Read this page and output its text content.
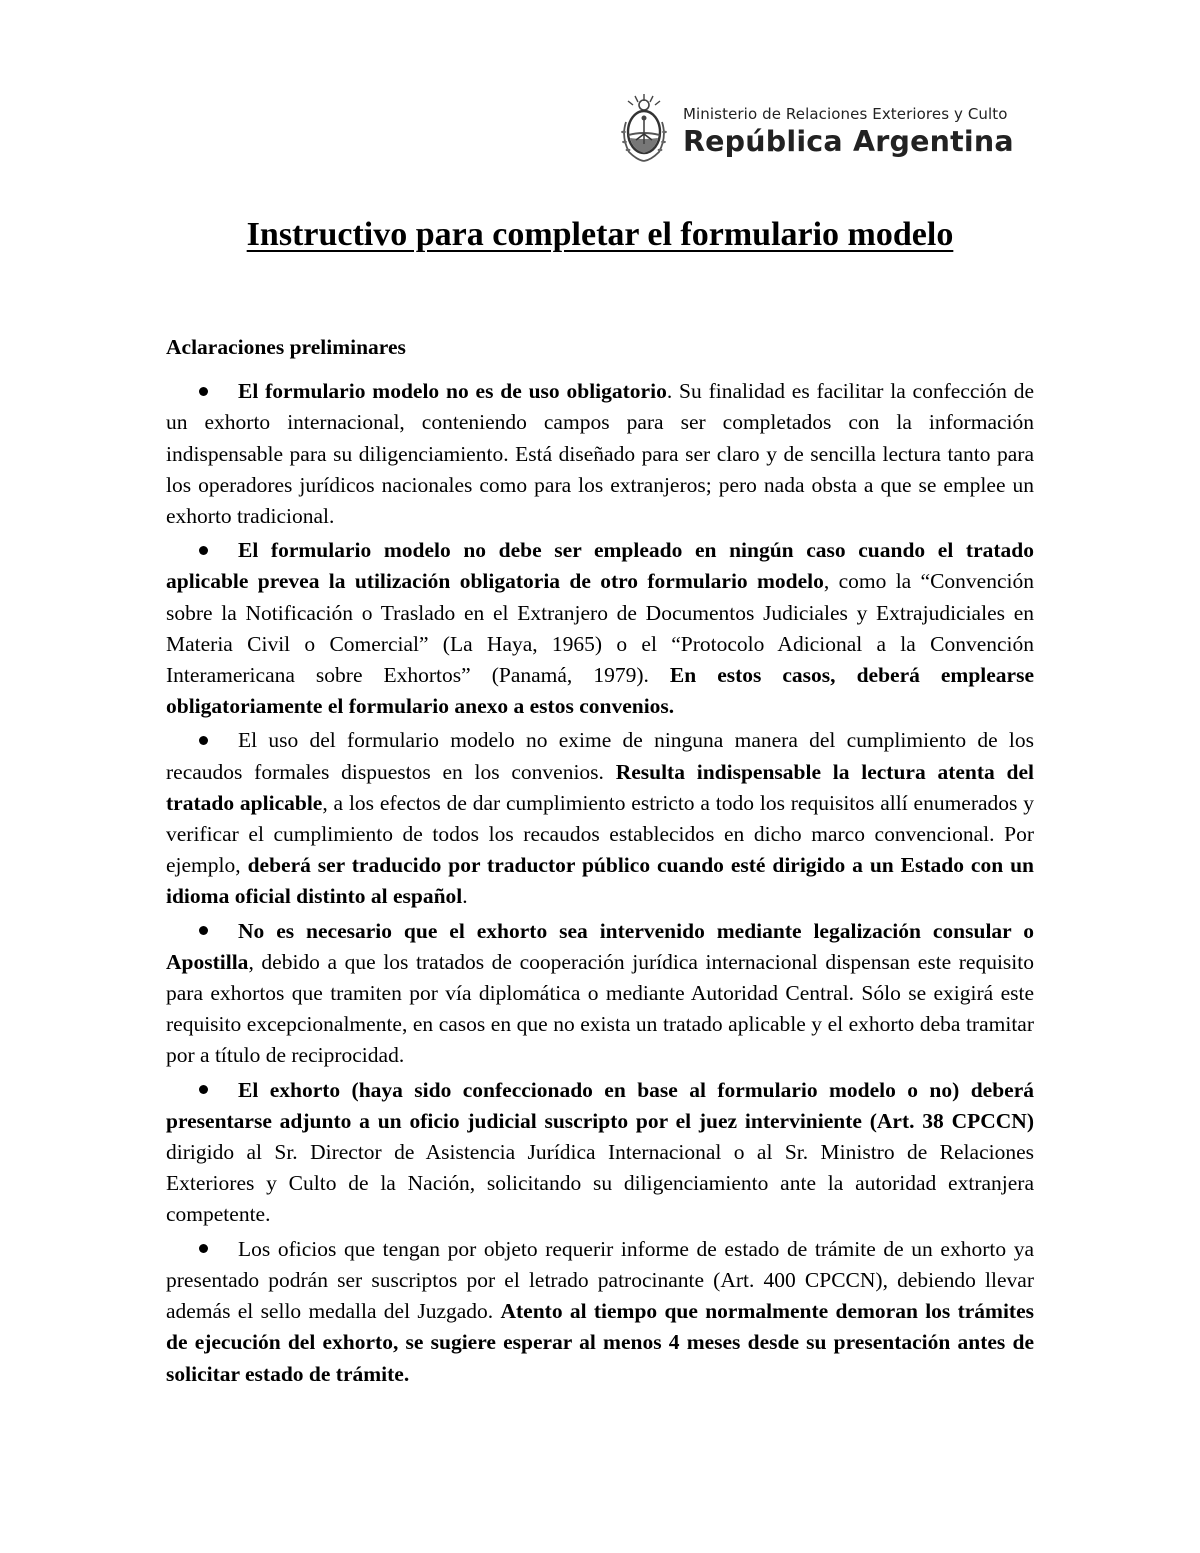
Ministerio de Relaciones Exteriores y Culto
República Argentina
Instructivo para completar el formulario modelo
Aclaraciones preliminares
El formulario modelo no es de uso obligatorio. Su finalidad es facilitar la confección de un exhorto internacional, conteniendo campos para ser completados con la información indispensable para su diligenciamiento. Está diseñado para ser claro y de sencilla lectura tanto para los operadores jurídicos nacionales como para los extranjeros; pero nada obsta a que se emplee un exhorto tradicional.
El formulario modelo no debe ser empleado en ningún caso cuando el tratado aplicable prevea la utilización obligatoria de otro formulario modelo, como la “Convención sobre la Notificación o Traslado en el Extranjero de Documentos Judiciales y Extrajudiciales en Materia Civil o Comercial” (La Haya, 1965) o el “Protocolo Adicional a la Convención Interamericana sobre Exhortos” (Panamá, 1979). En estos casos, deberá emplearse obligatoriamente el formulario anexo a estos convenios.
El uso del formulario modelo no exime de ninguna manera del cumplimiento de los recaudos formales dispuestos en los convenios. Resulta indispensable la lectura atenta del tratado aplicable, a los efectos de dar cumplimiento estricto a todo los requisitos allí enumerados y verificar el cumplimiento de todos los recaudos establecidos en dicho marco convencional. Por ejemplo, deberá ser traducido por traductor público cuando esté dirigido a un Estado con un idioma oficial distinto al español.
No es necesario que el exhorto sea intervenido mediante legalización consular o Apostilla, debido a que los tratados de cooperación jurídica internacional dispensan este requisito para exhortos que tramiten por vía diplomática o mediante Autoridad Central. Sólo se exigirá este requisito excepcionalmente, en casos en que no exista un tratado aplicable y el exhorto deba tramitar por a título de reciprocidad.
El exhorto (haya sido confeccionado en base al formulario modelo o no) deberá presentarse adjunto a un oficio judicial suscripto por el juez interviniente (Art. 38 CPCCN) dirigido al Sr. Director de Asistencia Jurídica Internacional o al Sr. Ministro de Relaciones Exteriores y Culto de la Nación, solicitando su diligenciamiento ante la autoridad extranjera competente.
Los oficios que tengan por objeto requerir informe de estado de trámite de un exhorto ya presentado podrán ser suscriptos por el letrado patrocinante (Art. 400 CPCCN), debiendo llevar además el sello medalla del Juzgado. Atento al tiempo que normalmente demoran los trámites de ejecución del exhorto, se sugiere esperar al menos 4 meses desde su presentación antes de solicitar estado de trámite.
